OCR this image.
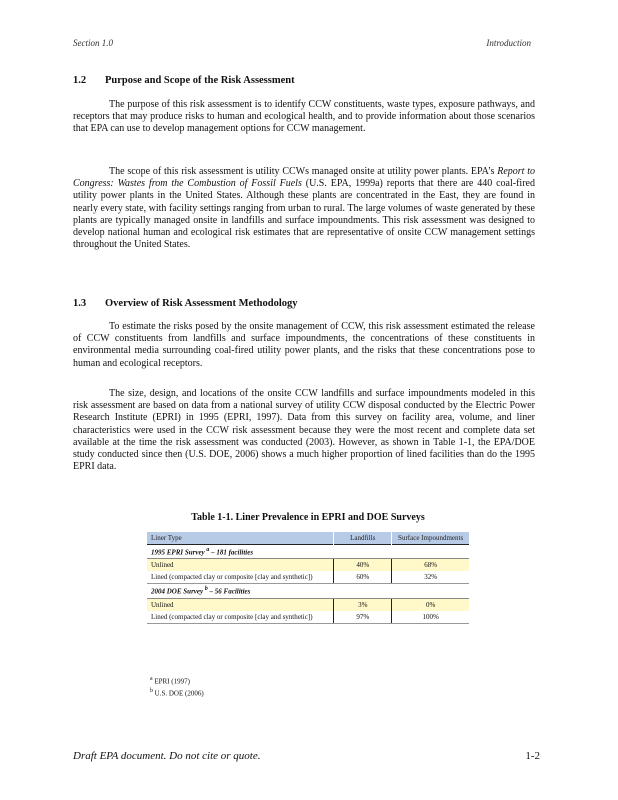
Section 1.0	Introduction
1.2 Purpose and Scope of the Risk Assessment

The purpose of this risk assessment is to identify CCW constituents, waste types, exposure pathways, and receptors that may produce risks to human and ecological health, and to provide information about those scenarios that EPA can use to develop management options for CCW management.

The scope of this risk assessment is utility CCWs managed onsite at utility power plants. EPA’s Report to Congress: Wastes from the Combustion of Fossil Fuels (U.S. EPA, 1999a) reports that there are 440 coal-fired utility power plants in the United States. Although these plants are concentrated in the East, they are found in nearly every state, with facility settings ranging from urban to rural. The large volumes of waste generated by these plants are typically managed onsite in landfills and surface impoundments. This risk assessment was designed to develop national human and ecological risk estimates that are representative of onsite CCW management settings throughout the United States.

1.3 Overview of Risk Assessment Methodology

To estimate the risks posed by the onsite management of CCW, this risk assessment estimated the release of CCW constituents from landfills and surface impoundments, the concentrations of these constituents in environmental media surrounding coal-fired utility power plants, and the risks that these concentrations pose to human and ecological receptors.

The size, design, and locations of the onsite CCW landfills and surface impoundments modeled in this risk assessment are based on data from a national survey of utility CCW disposal conducted by the Electric Power Research Institute (EPRI) in 1995 (EPRI, 1997). Data from this survey on facility area, volume, and liner characteristics were used in the CCW risk assessment because they were the most recent and complete data set available at the time the risk assessment was conducted (2003). However, as shown in Table 1-1, the EPA/DOE study conducted since then (U.S. DOE, 2006) shows a much higher proportion of lined facilities than do the 1995 EPRI data.

Table 1-1. Liner Prevalence in EPRI and DOE Surveys
Liner Type	Landfills	Surface Impoundments
1995 EPRI Survey $^a$ – 181 facilities		
Unlined	40%	68%
Lined (compacted clay or composite [clay and synthetic])	60%	32%
2004 DOE Survey $^b$ – 56 Facilities		
Unlined	3%	0%
Lined (compacted clay or composite [clay and synthetic])	97%	100%
$^a$ EPRI (1997)
$^b$ U.S. DOE (2006)
Draft EPA document. Do not cite or quote.	1-2
